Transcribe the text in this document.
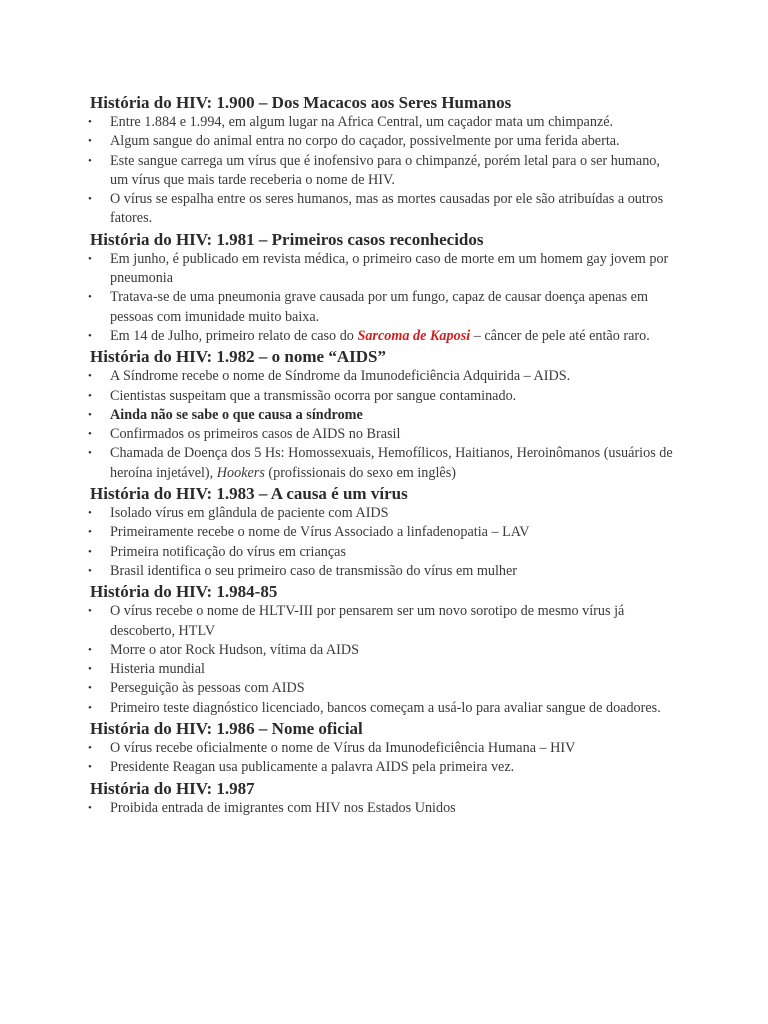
História do HIV: 1.900 – Dos Macacos aos Seres Humanos
• Entre 1.884 e 1.994, em algum lugar na Africa Central, um caçador mata um chimpanzé.
• Algum sangue do animal entra no corpo do caçador, possivelmente por uma ferida aberta.
• Este sangue carrega um vírus que é inofensivo para o chimpanzé, porém letal para o ser humano, um vírus que mais tarde receberia o nome de HIV.
• O vírus se espalha entre os seres humanos, mas as mortes causadas por ele são atribuídas a outros fatores.
História do HIV: 1.981 – Primeiros casos reconhecidos
• Em junho, é publicado em revista médica, o primeiro caso de morte em um homem gay jovem por pneumonia
• Tratava-se de uma pneumonia grave causada por um fungo, capaz de causar doença apenas em pessoas com imunidade muito baixa.
• Em 14 de Julho, primeiro relato de caso do Sarcoma de Kaposi – câncer de pele até então raro.
História do HIV: 1.982 – o nome “AIDS”
• A Síndrome recebe o nome de Síndrome da Imunodeficiência Adquirida – AIDS.
• Cientistas suspeitam que a transmissão ocorra por sangue contaminado.
• Ainda não se sabe o que causa a síndrome
• Confirmados os primeiros casos de AIDS no Brasil
• Chamada de Doença dos 5 Hs: Homossexuais, Hemofílicos, Haitianos, Heroinômanos (usuários de heroína injetável), Hookers (profissionais do sexo em inglês)
História do HIV: 1.983 – A causa é um vírus
• Isolado vírus em glândula de paciente com AIDS
• Primeiramente recebe o nome de Vírus Associado a linfadenopatia – LAV
• Primeira notificação do vírus em crianças
• Brasil identifica o seu primeiro caso de transmissão do vírus em mulher
História do HIV: 1.984-85
• O vírus recebe o nome de HLTV-III por pensarem ser um novo sorotipo de mesmo vírus já descoberto, HTLV
• Morre o ator Rock Hudson, vítima da AIDS
• Histeria mundial
• Perseguição às pessoas com AIDS
• Primeiro teste diagnóstico licenciado, bancos começam a usá-lo para avaliar sangue de doadores.
História do HIV: 1.986 – Nome oficial
• O vírus recebe oficialmente o nome de Vírus da Imunodeficiência Humana – HIV
• Presidente Reagan usa publicamente a palavra AIDS pela primeira vez.
História do HIV: 1.987
• Proibida entrada de imigrantes com HIV nos Estados Unidos
